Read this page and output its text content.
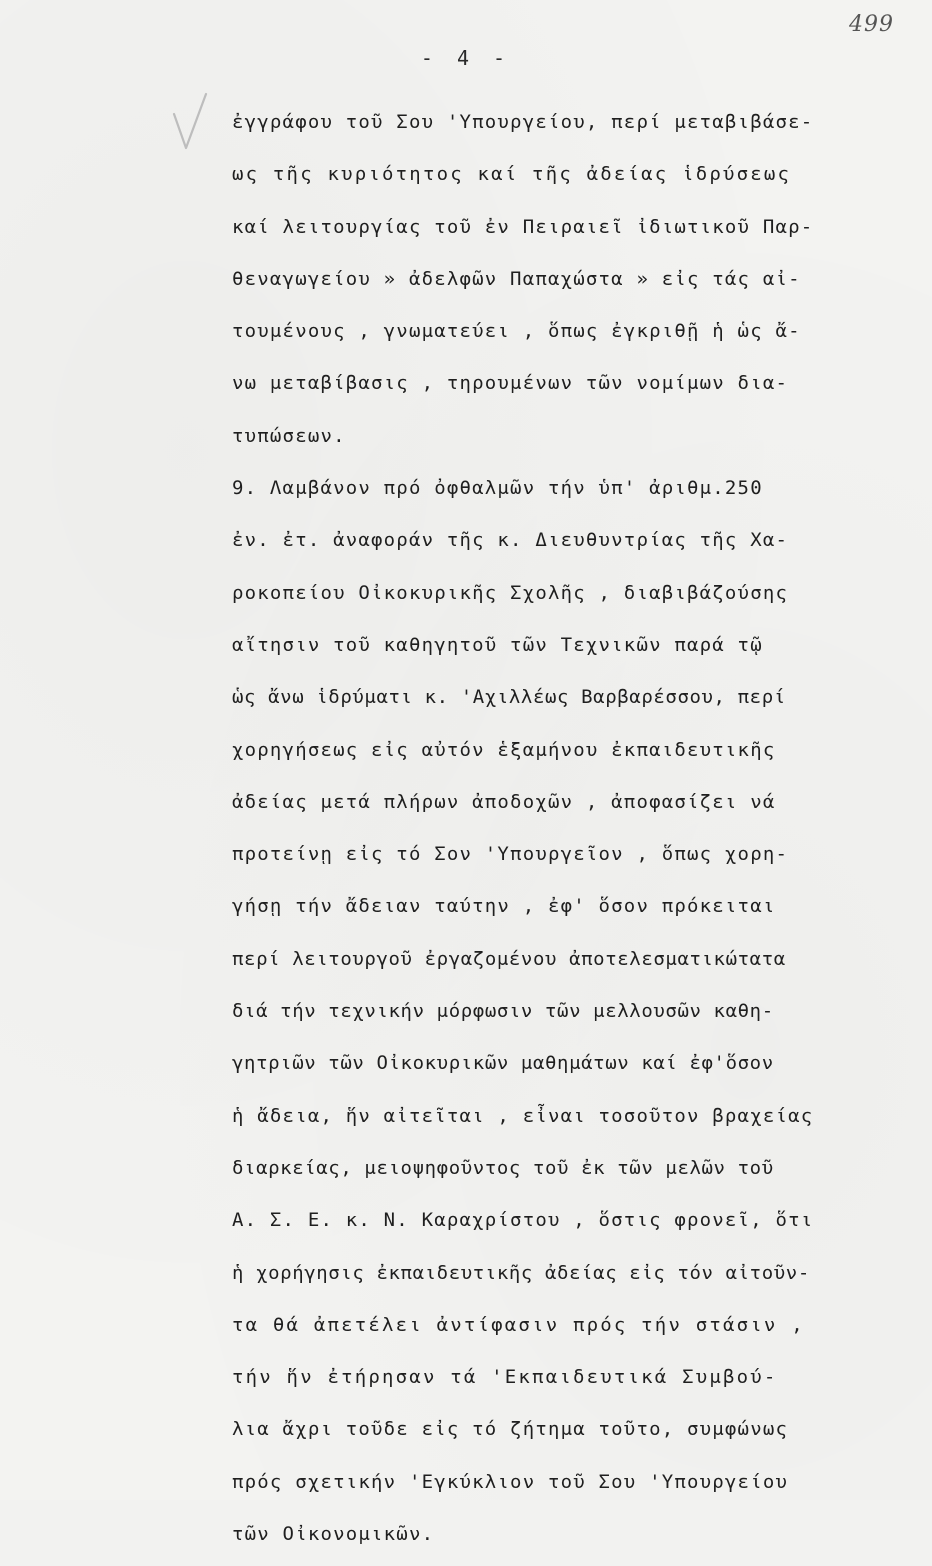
499
- 4 -
ἐγγράφου τοῦ Σου 'Υπουργείου, περί μεταβιβάσε-
ως τῆς κυριότητος καί τῆς ἀδείας ἱδρύσεως
καί λειτουργίας τοῦ ἐν Πειραιεῖ ἰδιωτικοῦ Παρ-
θεναγωγείου » ἀδελφῶν Παπαχώστα » εἰς τάς αἰ-
τουμένους , γνωματεύει , ὅπως ἐγκριθῇ ἡ ὡς ἄ-
νω μεταβίβασις , τηρουμένων τῶν νομίμων δια-
τυπώσεων.
9. Λαμβάνον πρό ὀφθαλμῶν τήν ὑπ' ἀριθμ.250
ἐν. ἐτ. ἀναφοράν τῆς κ. Διευθυντρίας τῆς Χα-
ροκοπείου Οἰκοκυρικῆς Σχολῆς , διαβιβάζούσης
αἴτησιν τοῦ καθηγητοῦ τῶν Τεχνικῶν παρά τῷ
ὡς ἄνω ἱδρύματι κ. 'Αχιλλέως Βαρβαρέσσου, περί
χορηγήσεως εἰς αὐτόν ἑξαμήνου ἐκπαιδευτικῆς
ἀδείας μετά πλήρων ἀποδοχῶν , ἀποφασίζει νά
προτείνῃ εἰς τό Σον 'Υπουργεῖον , ὅπως χορη-
γήσῃ τήν ἄδειαν ταύτην , ἐφ' ὅσον πρόκειται
περί λειτουργοῦ ἐργαζομένου ἀποτελεσματικώτατα
διά τήν τεχνικήν μόρφωσιν τῶν μελλουσῶν καθη-
γητριῶν τῶν Οἰκοκυρικῶν μαθημάτων καί ἐφ'ὅσον
ἡ ἄδεια, ἥν αἰτεῖται , εἶναι τοσοῦτον βραχείας
διαρκείας, μειοψηφοῦντος τοῦ ἐκ τῶν μελῶν τοῦ
Α. Σ. Ε. κ. Ν. Καραχρίστου , ὅστις φρονεῖ, ὅτι
ἡ χορήγησις ἐκπαιδευτικῆς ἀδείας εἰς τόν αἰτοῦν-
τα θά ἀπετέλει ἀντίφασιν πρός τήν στάσιν ,
τήν ἥν ἐτήρησαν τά 'Εκπαιδευτικά Συμβού-
λια ἄχρι τοῦδε εἰς τό ζήτημα τοῦτο, συμφώνως
πρός σχετικήν 'Εγκύκλιον τοῦ Σου 'Υπουργείου
τῶν Οἰκονομικῶν.
